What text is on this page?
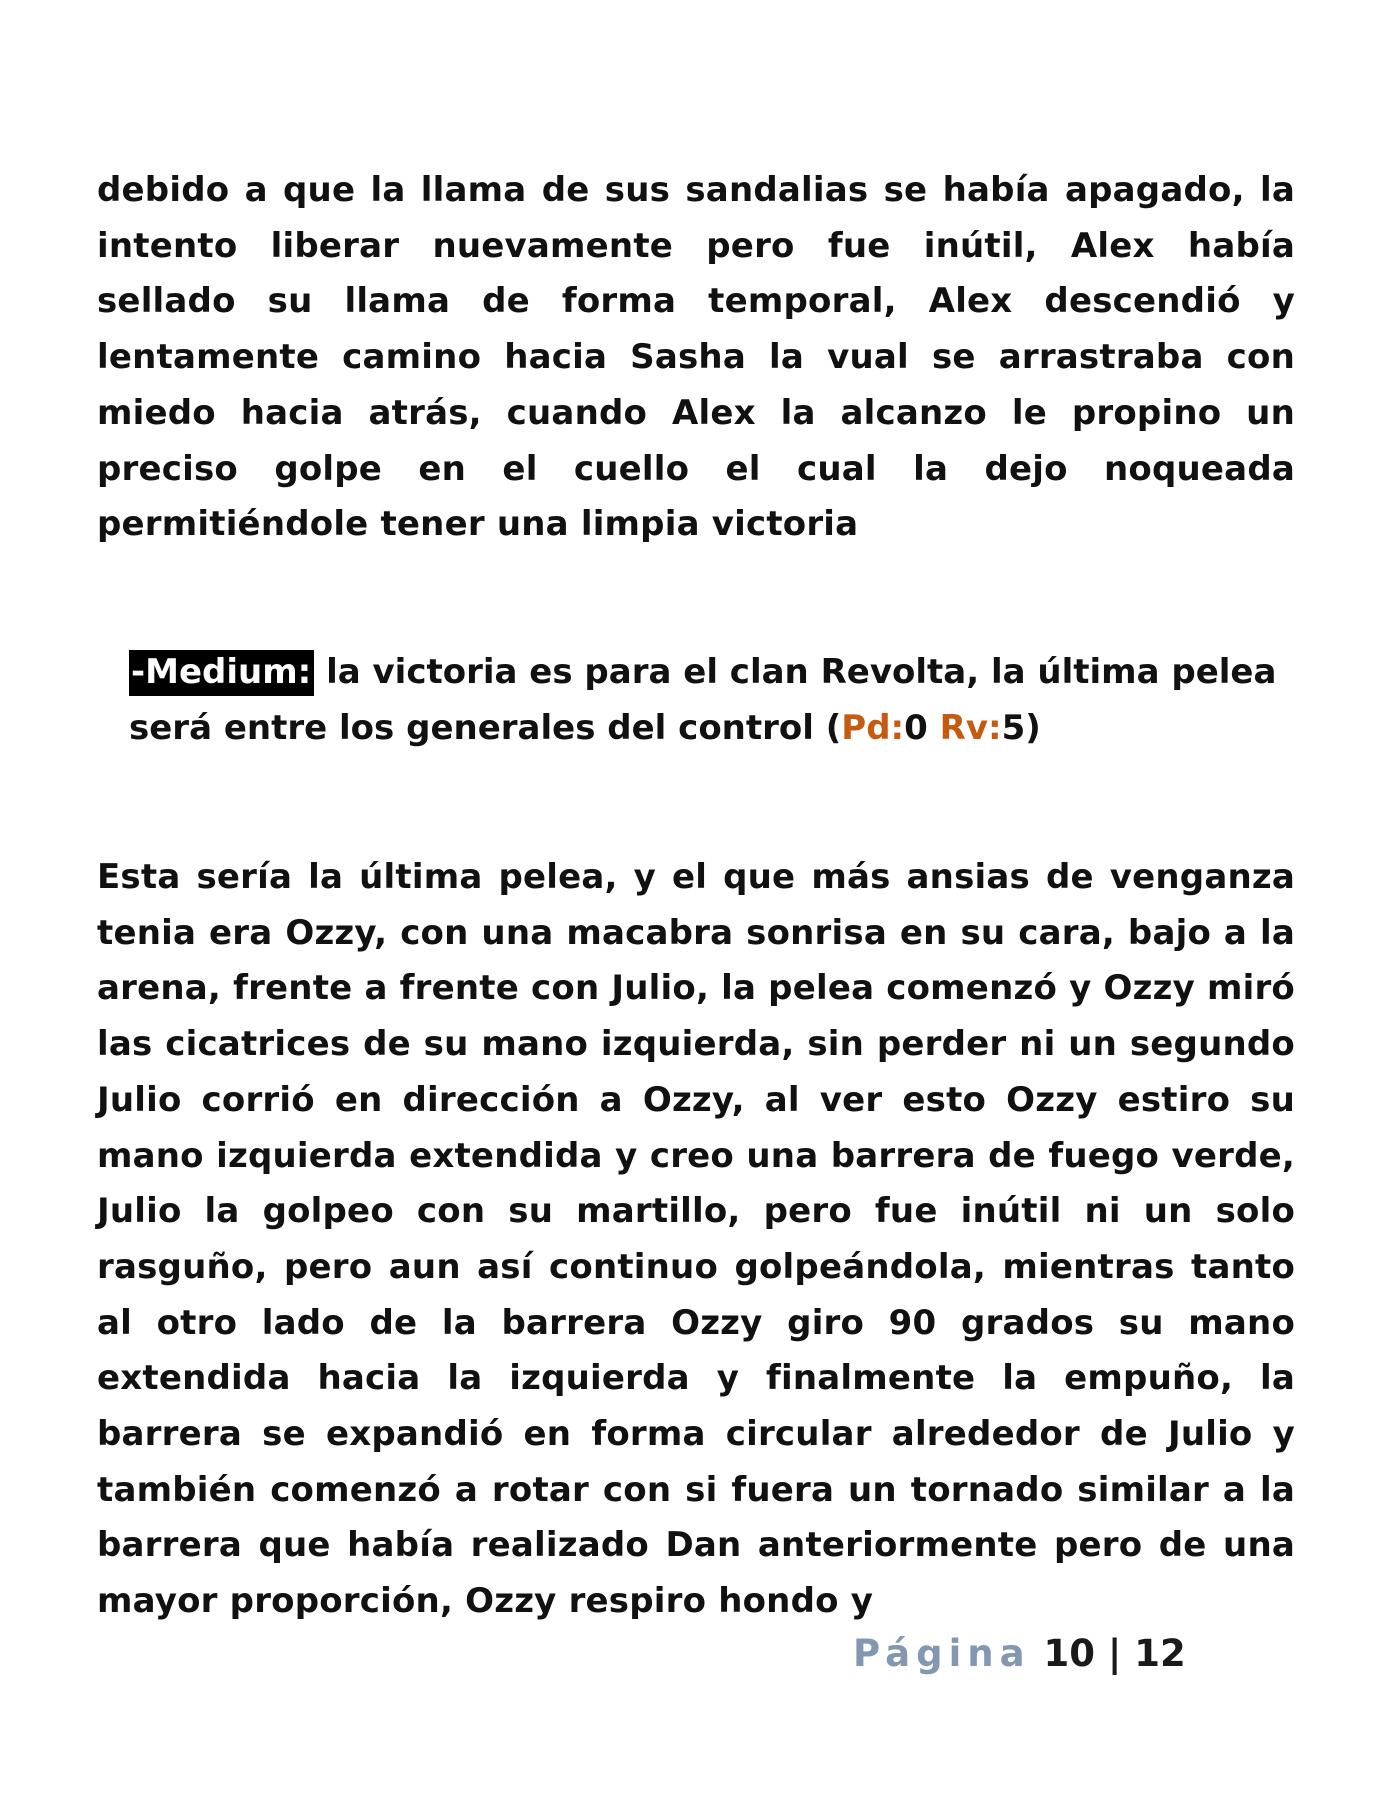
debido a que la llama de sus sandalias se había apagado, la intento liberar nuevamente pero fue inútil, Alex había sellado su llama de forma temporal, Alex descendió y lentamente camino hacia Sasha la vual se arrastraba con miedo hacia atrás, cuando Alex la alcanzo le propino un preciso golpe en el cuello el cual la dejo noqueada permitiéndole tener una limpia victoria

-Medium: la victoria es para el clan Revolta, la última pelea será entre los generales del control (Pd:0 Rv:5)

Esta sería la última pelea, y el que más ansias de venganza tenia era Ozzy, con una macabra sonrisa en su cara, bajo a la arena, frente a frente con Julio, la pelea comenzó y Ozzy miró las cicatrices de su mano izquierda, sin perder ni un segundo Julio corrió en dirección a Ozzy, al ver esto Ozzy estiro su mano izquierda extendida y creo una barrera de fuego verde, Julio la golpeo con su martillo, pero fue inútil ni un solo rasguño, pero aun así continuo golpeándola, mientras tanto al otro lado de la barrera Ozzy giro 90 grados su mano extendida hacia la izquierda y finalmente la empuño, la barrera se expandió en forma circular alrededor de Julio y también comenzó a rotar con si fuera un tornado similar a la barrera que había realizado Dan anteriormente pero de una mayor proporción, Ozzy respiro hondo y

Página 10 | 12
